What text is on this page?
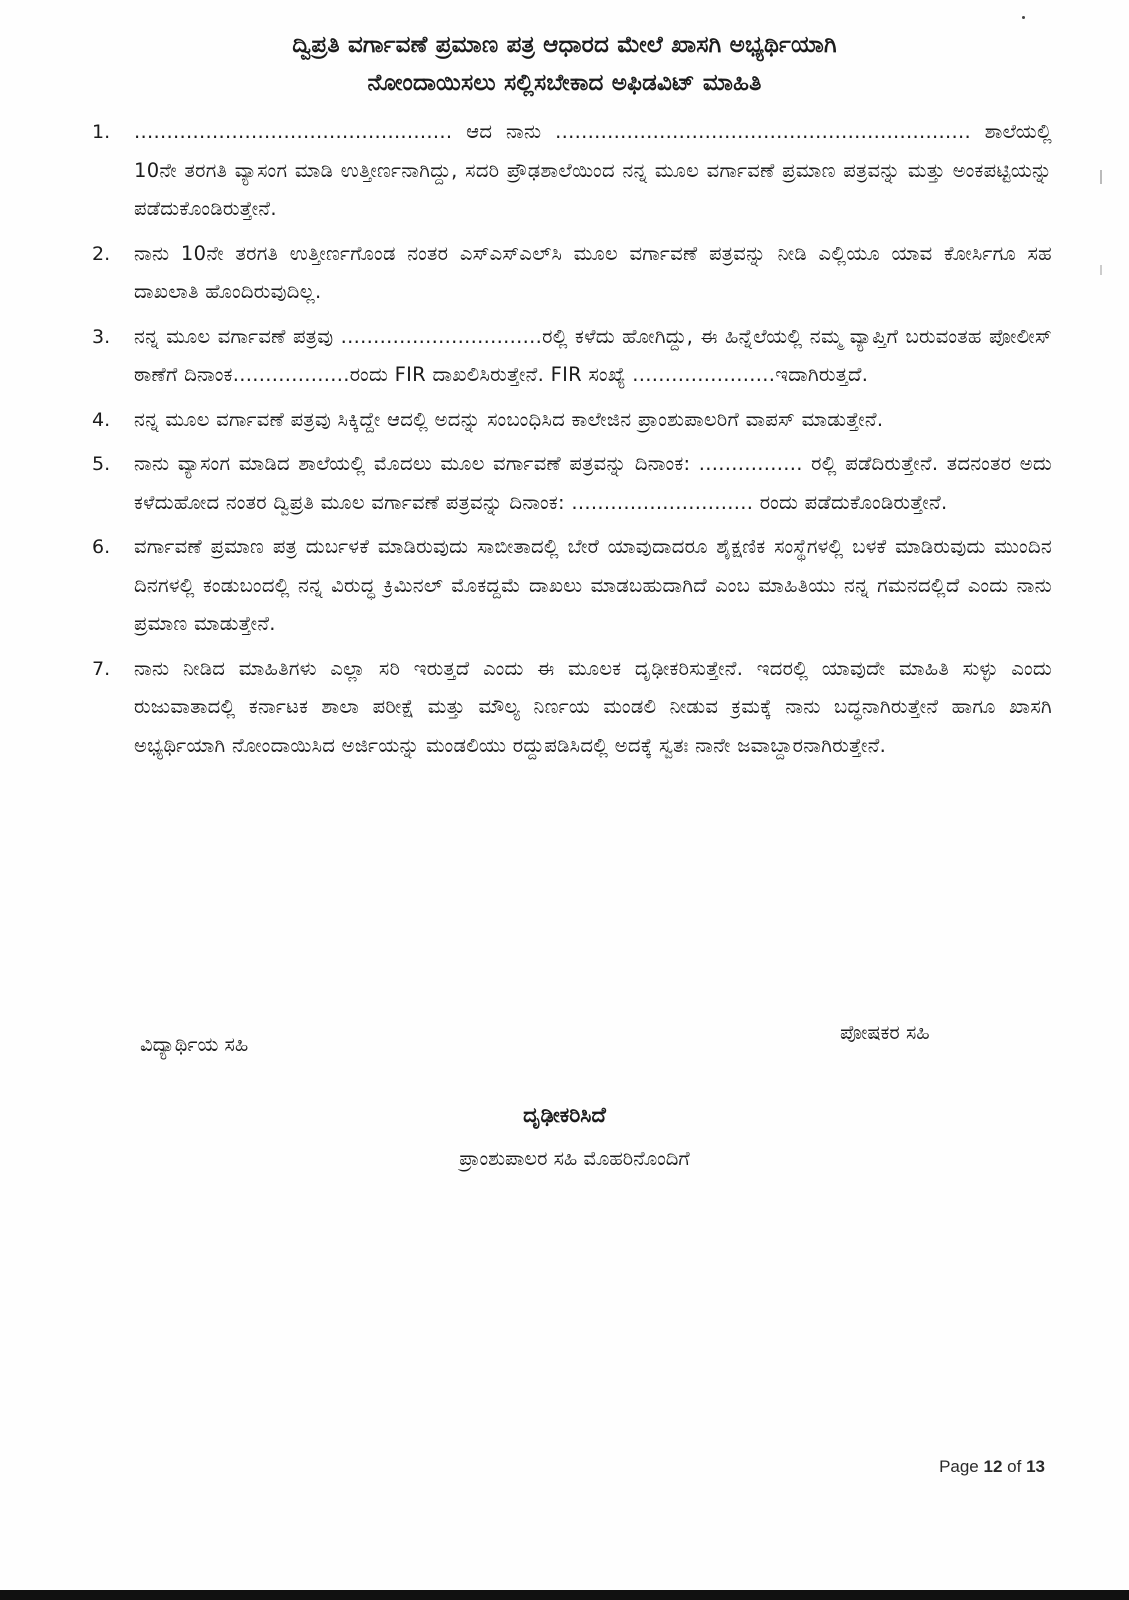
ದ್ವಿಪ್ರತಿ ವರ್ಗಾವಣೆ ಪ್ರಮಾಣ ಪತ್ರ ಆಧಾರದ ಮೇಲೆ ಖಾಸಗಿ ಅಭ್ಯರ್ಥಿಯಾಗಿ
ನೋಂದಾಯಿಸಲು ಸಲ್ಲಿಸಬೇಕಾದ ಅಫಿಡವಿಟ್ ಮಾಹಿತಿ
1.	................................................. ಆದ ನಾನು ................................................................ ಶಾಲೆಯಲ್ಲಿ 10ನೇ ತರಗತಿ ವ್ಯಾಸಂಗ ಮಾಡಿ ಉತ್ತೀರ್ಣನಾಗಿದ್ದು, ಸದರಿ ಪ್ರೌಢಶಾಲೆಯಿಂದ ನನ್ನ ಮೂಲ ವರ್ಗಾವಣೆ ಪ್ರಮಾಣ ಪತ್ರವನ್ನು ಮತ್ತು ಅಂಕಪಟ್ಟಿಯನ್ನು ಪಡೆದುಕೊಂಡಿರುತ್ತೇನೆ.
2.	ನಾನು 10ನೇ ತರಗತಿ ಉತ್ತೀರ್ಣಗೊಂಡ ನಂತರ ಎಸ್‌ಎಸ್‌ಎಲ್‌ಸಿ ಮೂಲ ವರ್ಗಾವಣೆ ಪತ್ರವನ್ನು ನೀಡಿ ಎಲ್ಲಿಯೂ ಯಾವ ಕೋರ್ಸಿಗೂ ಸಹ ದಾಖಲಾತಿ ಹೊಂದಿರುವುದಿಲ್ಲ.
3.	ನನ್ನ ಮೂಲ ವರ್ಗಾವಣೆ ಪತ್ರವು ...............................ರಲ್ಲಿ ಕಳೆದು ಹೋಗಿದ್ದು, ಈ ಹಿನ್ನೆಲೆಯಲ್ಲಿ ನಮ್ಮ ವ್ಯಾಪ್ತಿಗೆ ಬರುವಂತಹ ಪೋಲೀಸ್ ಠಾಣೆಗೆ ದಿನಾಂಕ..................ರಂದು FIR ದಾಖಲಿಸಿರುತ್ತೇನೆ. FIR ಸಂಖ್ಯೆ ......................ಇದಾಗಿರುತ್ತದೆ.
4.	ನನ್ನ ಮೂಲ ವರ್ಗಾವಣೆ ಪತ್ರವು ಸಿಕ್ಕಿದ್ದೇ ಆದಲ್ಲಿ ಅದನ್ನು ಸಂಬಂಧಿಸಿದ ಕಾಲೇಜಿನ ಪ್ರಾಂಶುಪಾಲರಿಗೆ ವಾಪಸ್ ಮಾಡುತ್ತೇನೆ.
5.	ನಾನು ವ್ಯಾಸಂಗ ಮಾಡಿದ ಶಾಲೆಯಲ್ಲಿ ಮೊದಲು ಮೂಲ ವರ್ಗಾವಣೆ ಪತ್ರವನ್ನು ದಿನಾಂಕ: ................ ರಲ್ಲಿ ಪಡೆದಿರುತ್ತೇನೆ. ತದನಂತರ ಅದು ಕಳೆದುಹೋದ ನಂತರ ದ್ವಿಪ್ರತಿ ಮೂಲ ವರ್ಗಾವಣೆ ಪತ್ರವನ್ನು ದಿನಾಂಕ: ............................ ರಂದು ಪಡೆದುಕೊಂಡಿರುತ್ತೇನೆ.
6.	ವರ್ಗಾವಣೆ ಪ್ರಮಾಣ ಪತ್ರ ದುರ್ಬಳಕೆ ಮಾಡಿರುವುದು ಸಾಬೀತಾದಲ್ಲಿ ಬೇರೆ ಯಾವುದಾದರೂ ಶೈಕ್ಷಣಿಕ ಸಂಸ್ಥೆಗಳಲ್ಲಿ ಬಳಕೆ ಮಾಡಿರುವುದು ಮುಂದಿನ ದಿನಗಳಲ್ಲಿ ಕಂಡುಬಂದಲ್ಲಿ ನನ್ನ ವಿರುದ್ಧ ಕ್ರಿಮಿನಲ್ ಮೊಕದ್ದಮೆ ದಾಖಲು ಮಾಡಬಹುದಾಗಿದೆ ಎಂಬ ಮಾಹಿತಿಯು ನನ್ನ ಗಮನದಲ್ಲಿದೆ ಎಂದು ನಾನು ಪ್ರಮಾಣ ಮಾಡುತ್ತೇನೆ.
7.	ನಾನು ನೀಡಿದ ಮಾಹಿತಿಗಳು ಎಲ್ಲಾ ಸರಿ ಇರುತ್ತದೆ ಎಂದು ಈ ಮೂಲಕ ದೃಢೀಕರಿಸುತ್ತೇನೆ. ಇದರಲ್ಲಿ ಯಾವುದೇ ಮಾಹಿತಿ ಸುಳ್ಳು ಎಂದು ರುಜುವಾತಾದಲ್ಲಿ ಕರ್ನಾಟಕ ಶಾಲಾ ಪರೀಕ್ಷೆ ಮತ್ತು ಮೌಲ್ಯ ನಿರ್ಣಯ ಮಂಡಲಿ ನೀಡುವ ಕ್ರಮಕ್ಕೆ ನಾನು ಬದ್ಧನಾಗಿರುತ್ತೇನೆ ಹಾಗೂ ಖಾಸಗಿ ಅಭ್ಯರ್ಥಿಯಾಗಿ ನೋಂದಾಯಿಸಿದ ಅರ್ಜಿಯನ್ನು ಮಂಡಲಿಯು ರದ್ದುಪಡಿಸಿದಲ್ಲಿ ಅದಕ್ಕೆ ಸ್ವತಃ ನಾನೇ ಜವಾಬ್ದಾರನಾಗಿರುತ್ತೇನೆ.
ವಿದ್ಯಾರ್ಥಿಯ ಸಹಿ
ಪೋಷಕರ ಸಹಿ
ದೃಢೀಕರಿಸಿದೆ
ಪ್ರಾಂಶುಪಾಲರ ಸಹಿ ಮೊಹರಿನೊಂದಿಗೆ
Page 12 of 13
